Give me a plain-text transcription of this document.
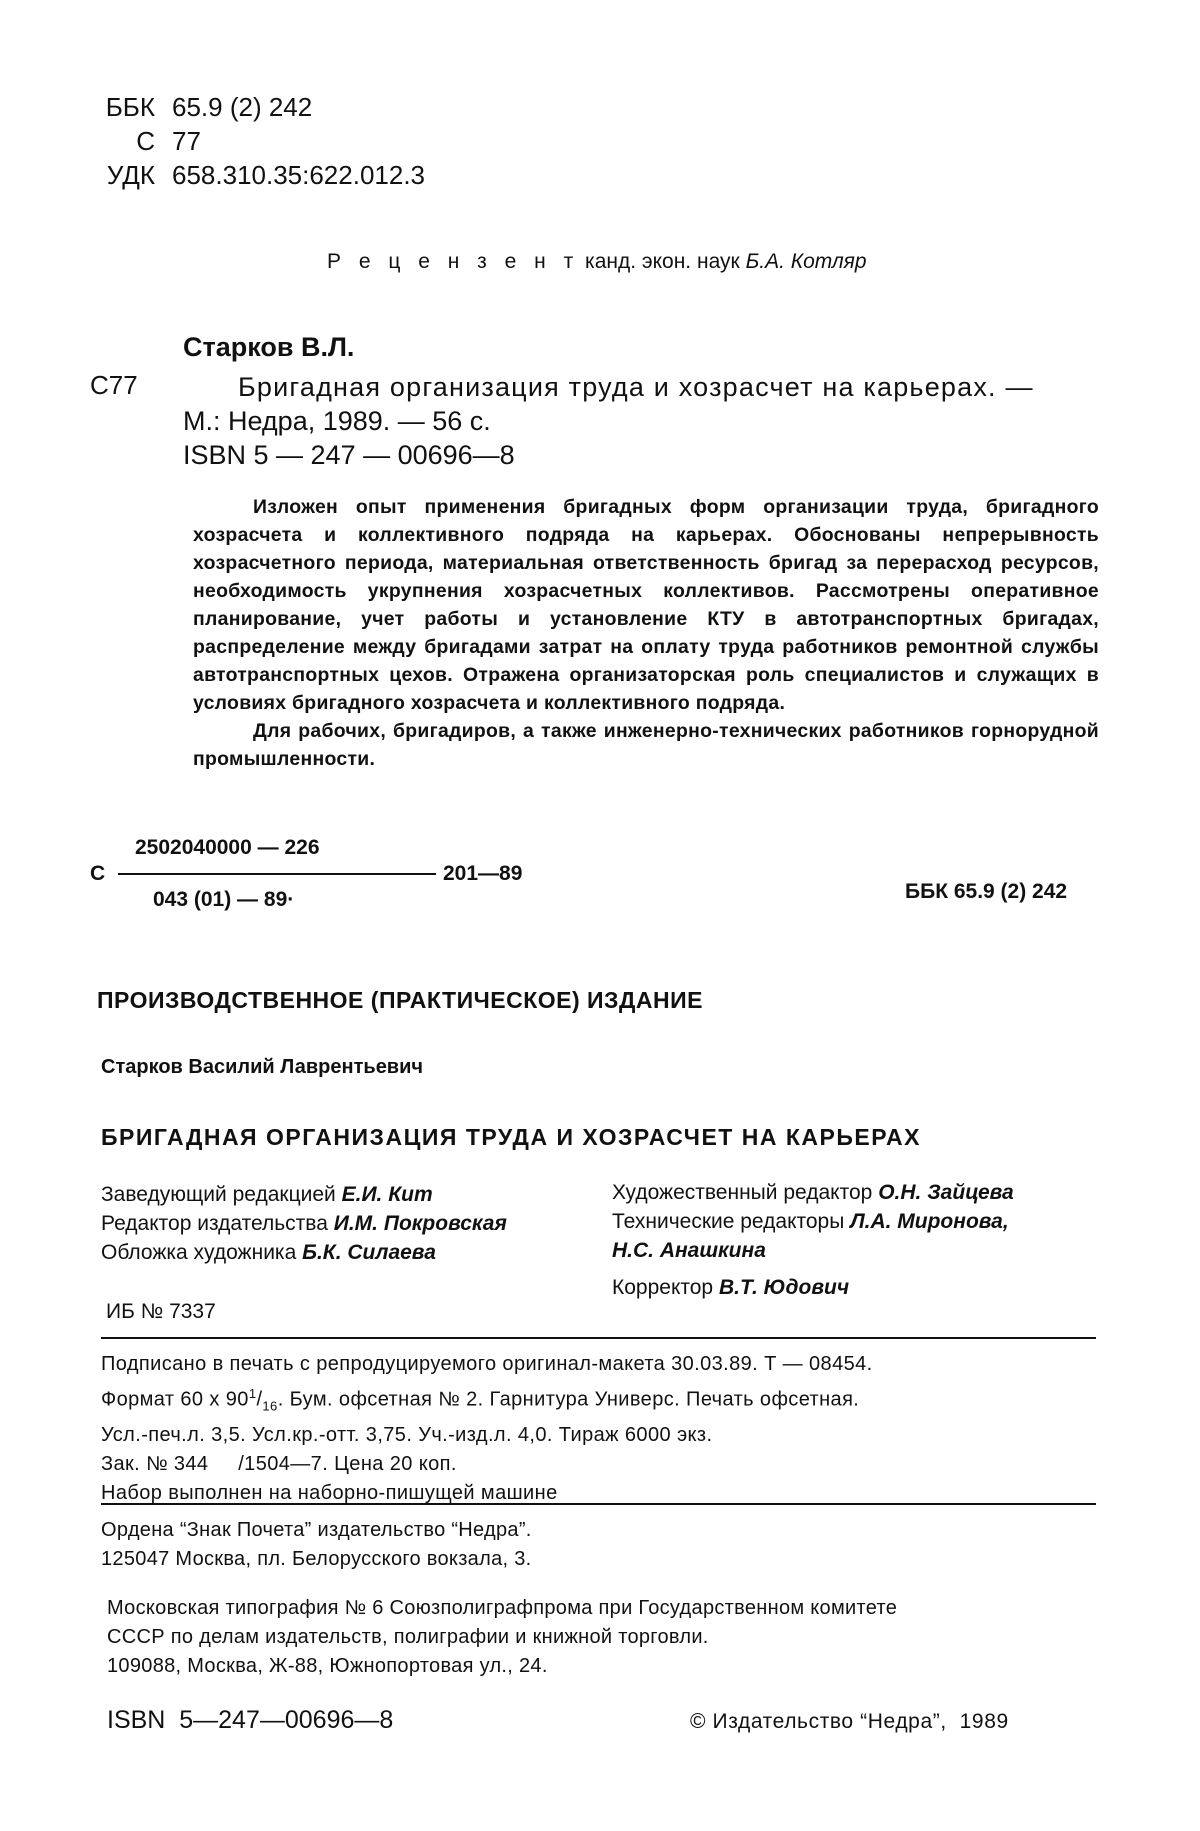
ББК 65.9 (2) 242
С 77
УДК 658.310.35:622.012.3
Р е ц е н з е н т канд. экон. наук Б.А. Котляр
Старков В.Л.
С77	Бригадная организация труда и хозрасчет на карьерах. —
М.: Недра, 1989. — 56 с.
ISBN 5 — 247 — 00696—8

Изложен опыт применения бригадных форм организации труда, бригадного хозрасчета и коллективного подряда на карьерах. Обоснованы непрерывность хозрасчетного периода, материальная ответственность бригад за перерасход ресурсов, необходимость укрупнения хозрасчетных коллективов. Рассмотрены оперативное планирование, учет работы и установление КТУ в автотранспортных бригадах, распределение между бригадами затрат на оплату труда работников ремонтной службы автотранспортных цехов. Отражена организаторская роль специалистов и служащих в условиях бригадного хозрасчета и коллективного подряда.

Для рабочих, бригадиров, а также инженерно-технических работников горнорудной промышленности.

2502040000 — 226
С	201—89
043 (01) — 89·	ББК 65.9 (2) 242
ПРОИЗВОДСТВЕННОЕ (ПРАКТИЧЕСКОЕ) ИЗДАНИЕ
Старков Василий Лаврентьевич
БРИГАДНАЯ ОРГАНИЗАЦИЯ ТРУДА И ХОЗРАСЧЕТ НА КАРЬЕРАХ
Заведующий редакцией Е.И. Кит
Редактор издательства И.М. Покровская
Обложка художника Б.К. Силаева
Художественный редактор О.Н. Зайцева
Технические редакторы Л.А. Миронова,
Н.С. Анашкина
Корректор В.Т. Юдович
ИБ № 7337
Подписано в печать с репродуцируемого оригинал-макета 30.03.89. Т — 08454.
Формат 60 х $90^1/_{16}$. Бум. офсетная № 2. Гарнитура Универс. Печать офсетная.
Усл.-печ.л. 3,5. Усл.кр.-отт. 3,75. Уч.-изд.л. 4,0. Тираж 6000 экз.
Зак. № 344     /1504—7. Цена 20 коп.
Набор выполнен на наборно-пишущей машине
Ордена “Знак Почета” издательство “Недра”.
125047 Москва, пл. Белорусского вокзала, 3.
Московская типография № 6 Союзполиграфпрома при Государственном комитете
СССР по делам издательств, полиграфии и книжной торговли.
109088, Москва, Ж-88, Южнопортовая ул., 24.
ISBN  5—247—00696—8	© Издательство “Недра”,  1989
